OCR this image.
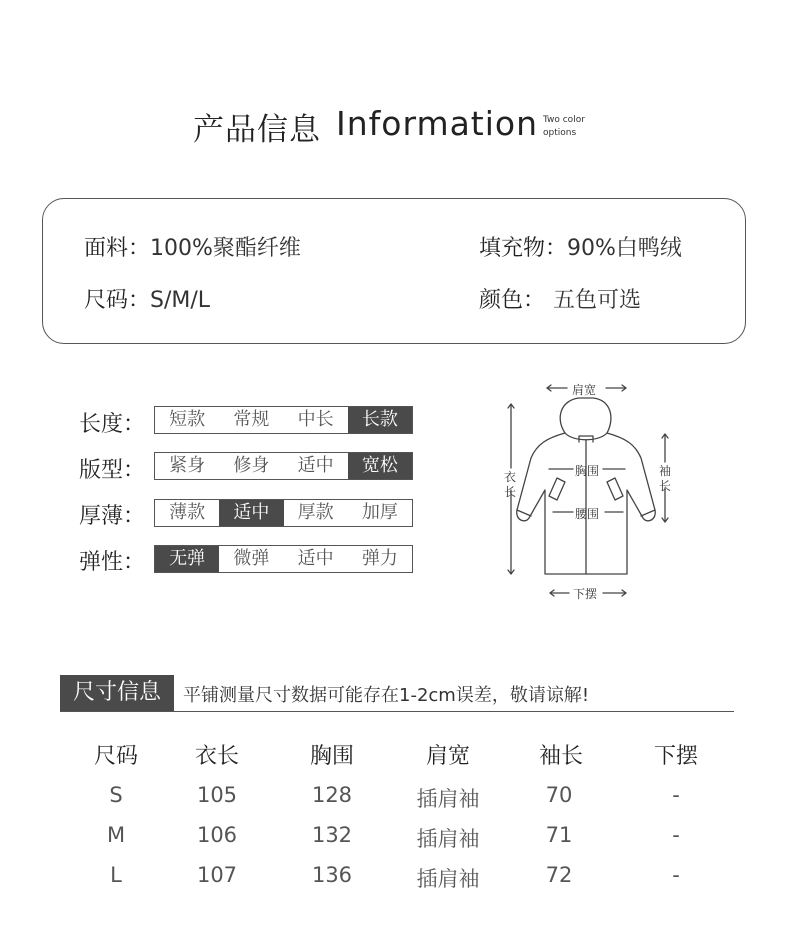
产品信息 Information Two color
options
面料：100%聚酯纤维	填充物：90%白鸭绒
尺码：S/M/L	颜色： 五色可选
长度：	短款	常规	中长	长款
版型：	紧身	修身	适中	宽松
厚薄：	薄款	适中	厚款	加厚
弹性：	无弹	微弹	适中	弹力
肩宽
衣
长
袖
长
胸围
腰围
下摆
尺寸信息	平铺测量尺寸数据可能存在1-2cm误差，敬请谅解!
尺码	衣长	胸围	肩宽	袖长	下摆
S	105	128	插肩袖	70	-
M	106	132	插肩袖	71	-
L	107	136	插肩袖	72	-
